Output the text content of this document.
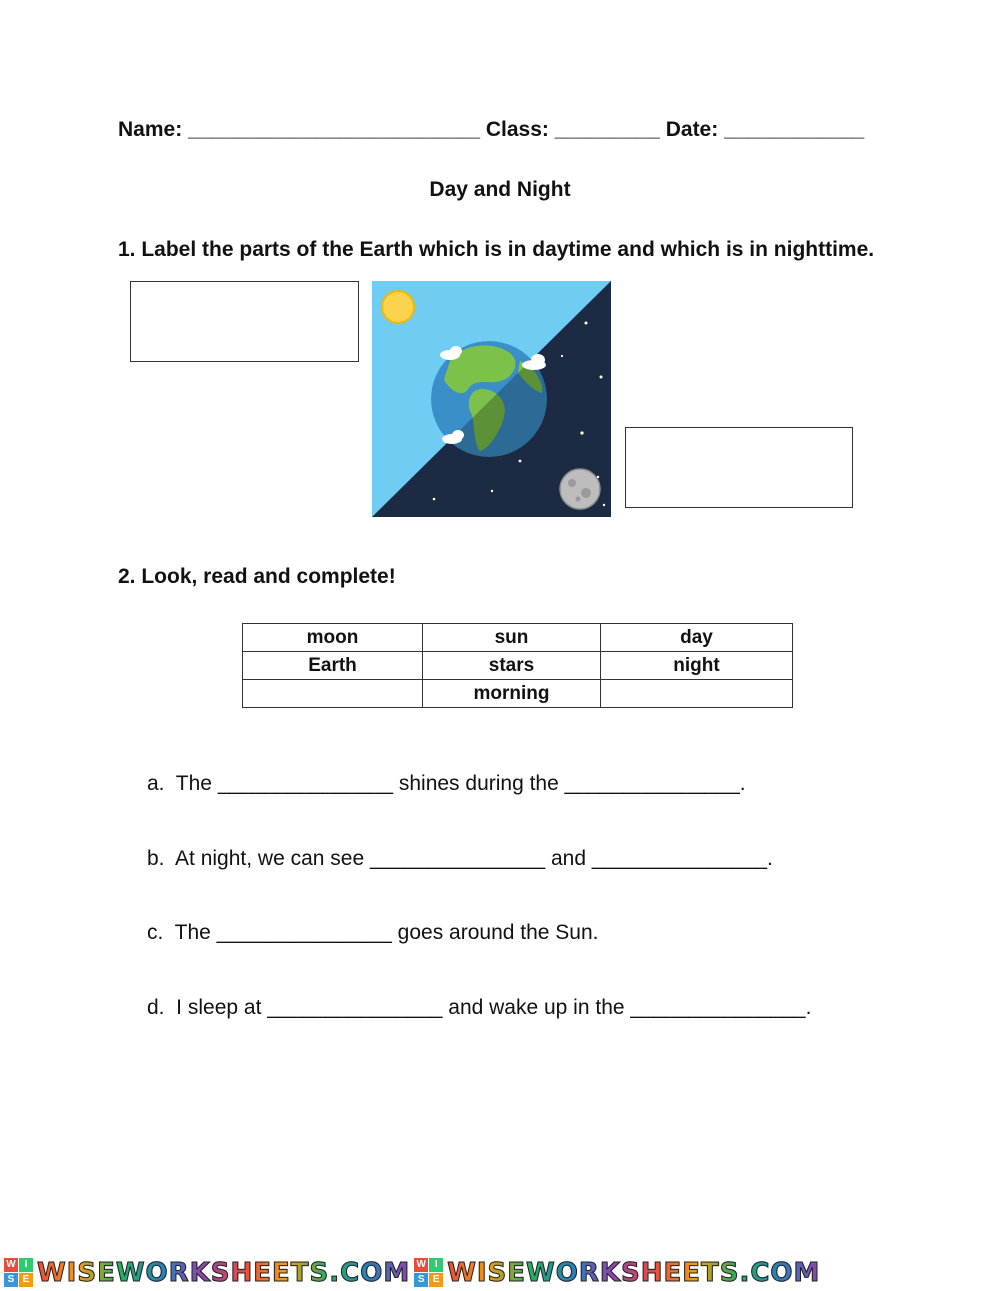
Name: _________________________ Class: _________ Date: ____________
Day and Night
1. Label the parts of the Earth which is in daytime and which is in nighttime.
2. Look, read and complete!
moon	sun	day
Earth	stars	night
	morning	
a.  The _______________ shines during the _______________.
b.  At night, we can see _______________ and _______________.
c.  The _______________ goes around the Sun.
d.  I sleep at _______________ and wake up in the _______________.
W I
S E WISEWORKSHEETS.COM W I
S E WISEWORKSHEETS.COM
